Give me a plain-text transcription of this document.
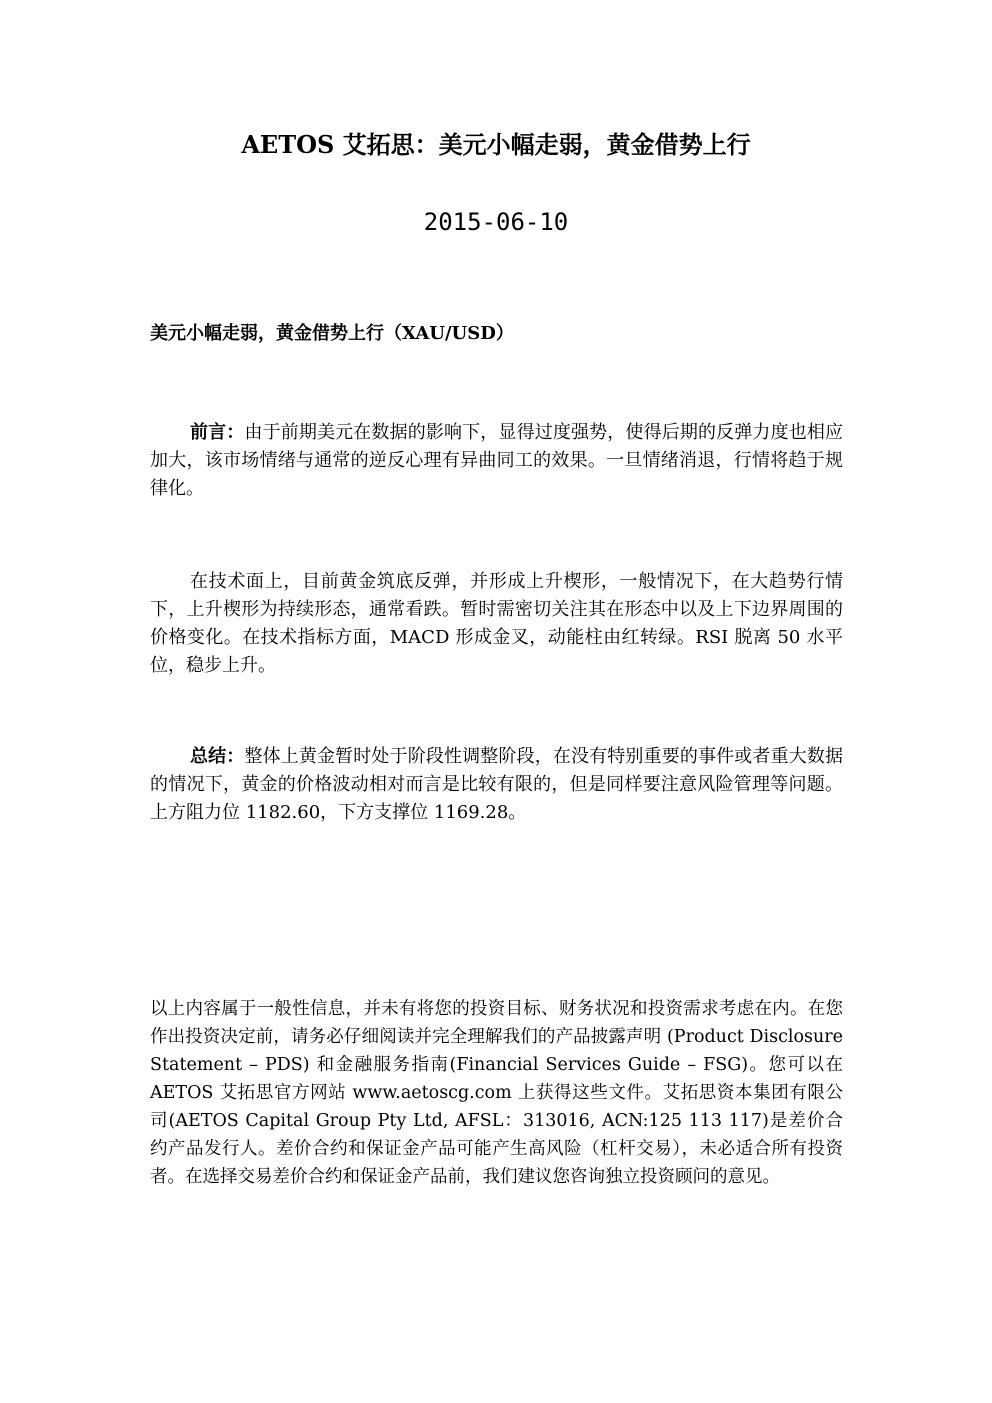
AETOS 艾拓思：美元小幅走弱，黄金借势上行
2015-06-10
美元小幅走弱，黄金借势上行（XAU/USD）

前言：由于前期美元在数据的影响下，显得过度强势，使得后期的反弹力度也相应加大，该市场情绪与通常的逆反心理有异曲同工的效果。一旦情绪消退，行情将趋于规律化。

在技术面上，目前黄金筑底反弹，并形成上升楔形，一般情况下，在大趋势行情下，上升楔形为持续形态，通常看跌。暂时需密切关注其在形态中以及上下边界周围的价格变化。在技术指标方面，MACD 形成金叉，动能柱由红转绿。RSI 脱离 50 水平位，稳步上升。

总结：整体上黄金暂时处于阶段性调整阶段，在没有特别重要的事件或者重大数据的情况下，黄金的价格波动相对而言是比较有限的，但是同样要注意风险管理等问题。上方阻力位 1182.60，下方支撑位 1169.28。

以上内容属于一般性信息，并未有将您的投资目标、财务状况和投资需求考虑在内。在您作出投资决定前，请务必仔细阅读并完全理解我们的产品披露声明 (Product Disclosure Statement – PDS) 和金融服务指南(Financial Services Guide – FSG)。您可以在 AETOS 艾拓思官方网站 www.aetoscg.com 上获得这些文件。艾拓思资本集团有限公司(AETOS Capital Group Pty Ltd, AFSL：313016, ACN:125 113 117)是差价合约产品发行人。差价合约和保证金产品可能产生高风险（杠杆交易），未必适合所有投资者。在选择交易差价合约和保证金产品前，我们建议您咨询独立投资顾问的意见。
